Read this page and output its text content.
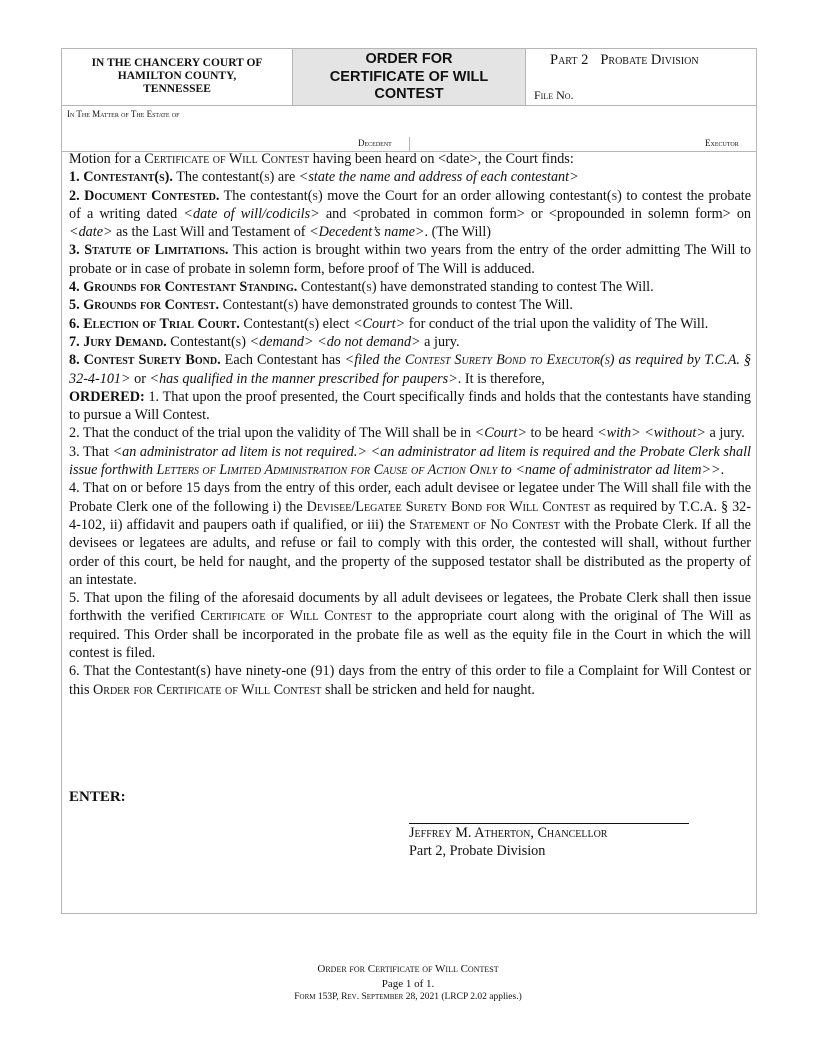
IN THE CHANCERY COURT OF
HAMILTON COUNTY,
TENNESSEE
ORDER FOR
CERTIFICATE OF WILL
CONTEST
Part 2 Probate Division
File No.
In The Matter of The Estate of
Decedent	Executor

Motion for a Certificate of Will Contest having been heard on <date>, the Court finds:

1. Contestant(s). The contestant(s) are <state the name and address of each contestant>

2. Document Contested. The contestant(s) move the Court for an order allowing contestant(s) to contest the probate of a writing dated <date of will/codicils> and <probated in common form> or <propounded in solemn form> on <date> as the Last Will and Testament of <Decedent’s name>. (The Will)

3. Statute of Limitations. This action is brought within two years from the entry of the order admitting The Will to probate or in case of probate in solemn form, before proof of The Will is adduced.

4. Grounds for Contestant Standing. Contestant(s) have demonstrated standing to contest The Will.

5. Grounds for Contest. Contestant(s) have demonstrated grounds to contest The Will.

6. Election of Trial Court. Contestant(s) elect <Court> for conduct of the trial upon the validity of The Will.

7. Jury Demand. Contestant(s) <demand> <do not demand> a jury.

8. Contest Surety Bond. Each Contestant has <filed the Contest Surety Bond to Executor(s) as required by T.C.A. § 32-4-101> or <has qualified in the manner prescribed for paupers>. It is therefore,

ORDERED: 1. That upon the proof presented, the Court specifically finds and holds that the contestants have standing to pursue a Will Contest.

2. That the conduct of the trial upon the validity of The Will shall be in <Court> to be heard <with> <without> a jury.

3. That <an administrator ad litem is not required.> <an administrator ad litem is required and the Probate Clerk shall issue forthwith Letters of Limited Administration for Cause of Action Only to <name of administrator ad litem>>.

4. That on or before 15 days from the entry of this order, each adult devisee or legatee under The Will shall file with the Probate Clerk one of the following i) the Devisee/Legatee Surety Bond for Will Contest as required by T.C.A. § 32-4-102, ii) affidavit and paupers oath if qualified, or iii) the Statement of No Contest with the Probate Clerk. If all the devisees or legatees are adults, and refuse or fail to comply with this order, the contested will shall, without further order of this court, be held for naught, and the property of the supposed testator shall be distributed as the property of an intestate.

5. That upon the filing of the aforesaid documents by all adult devisees or legatees, the Probate Clerk shall then issue forthwith the verified Certificate of Will Contest to the appropriate court along with the original of The Will as required. This Order shall be incorporated in the probate file as well as the equity file in the Court in which the will contest is filed.

6. That the Contestant(s) have ninety-one (91) days from the entry of this order to file a Complaint for Will Contest or this Order for Certificate of Will Contest shall be stricken and held for naught.

ENTER:
Jeffrey M. Atherton, Chancellor
Part 2, Probate Division
Order for Certificate of Will Contest
Page 1 of 1.
Form 153P, Rev. September 28, 2021 (LRCP 2.02 applies.)
